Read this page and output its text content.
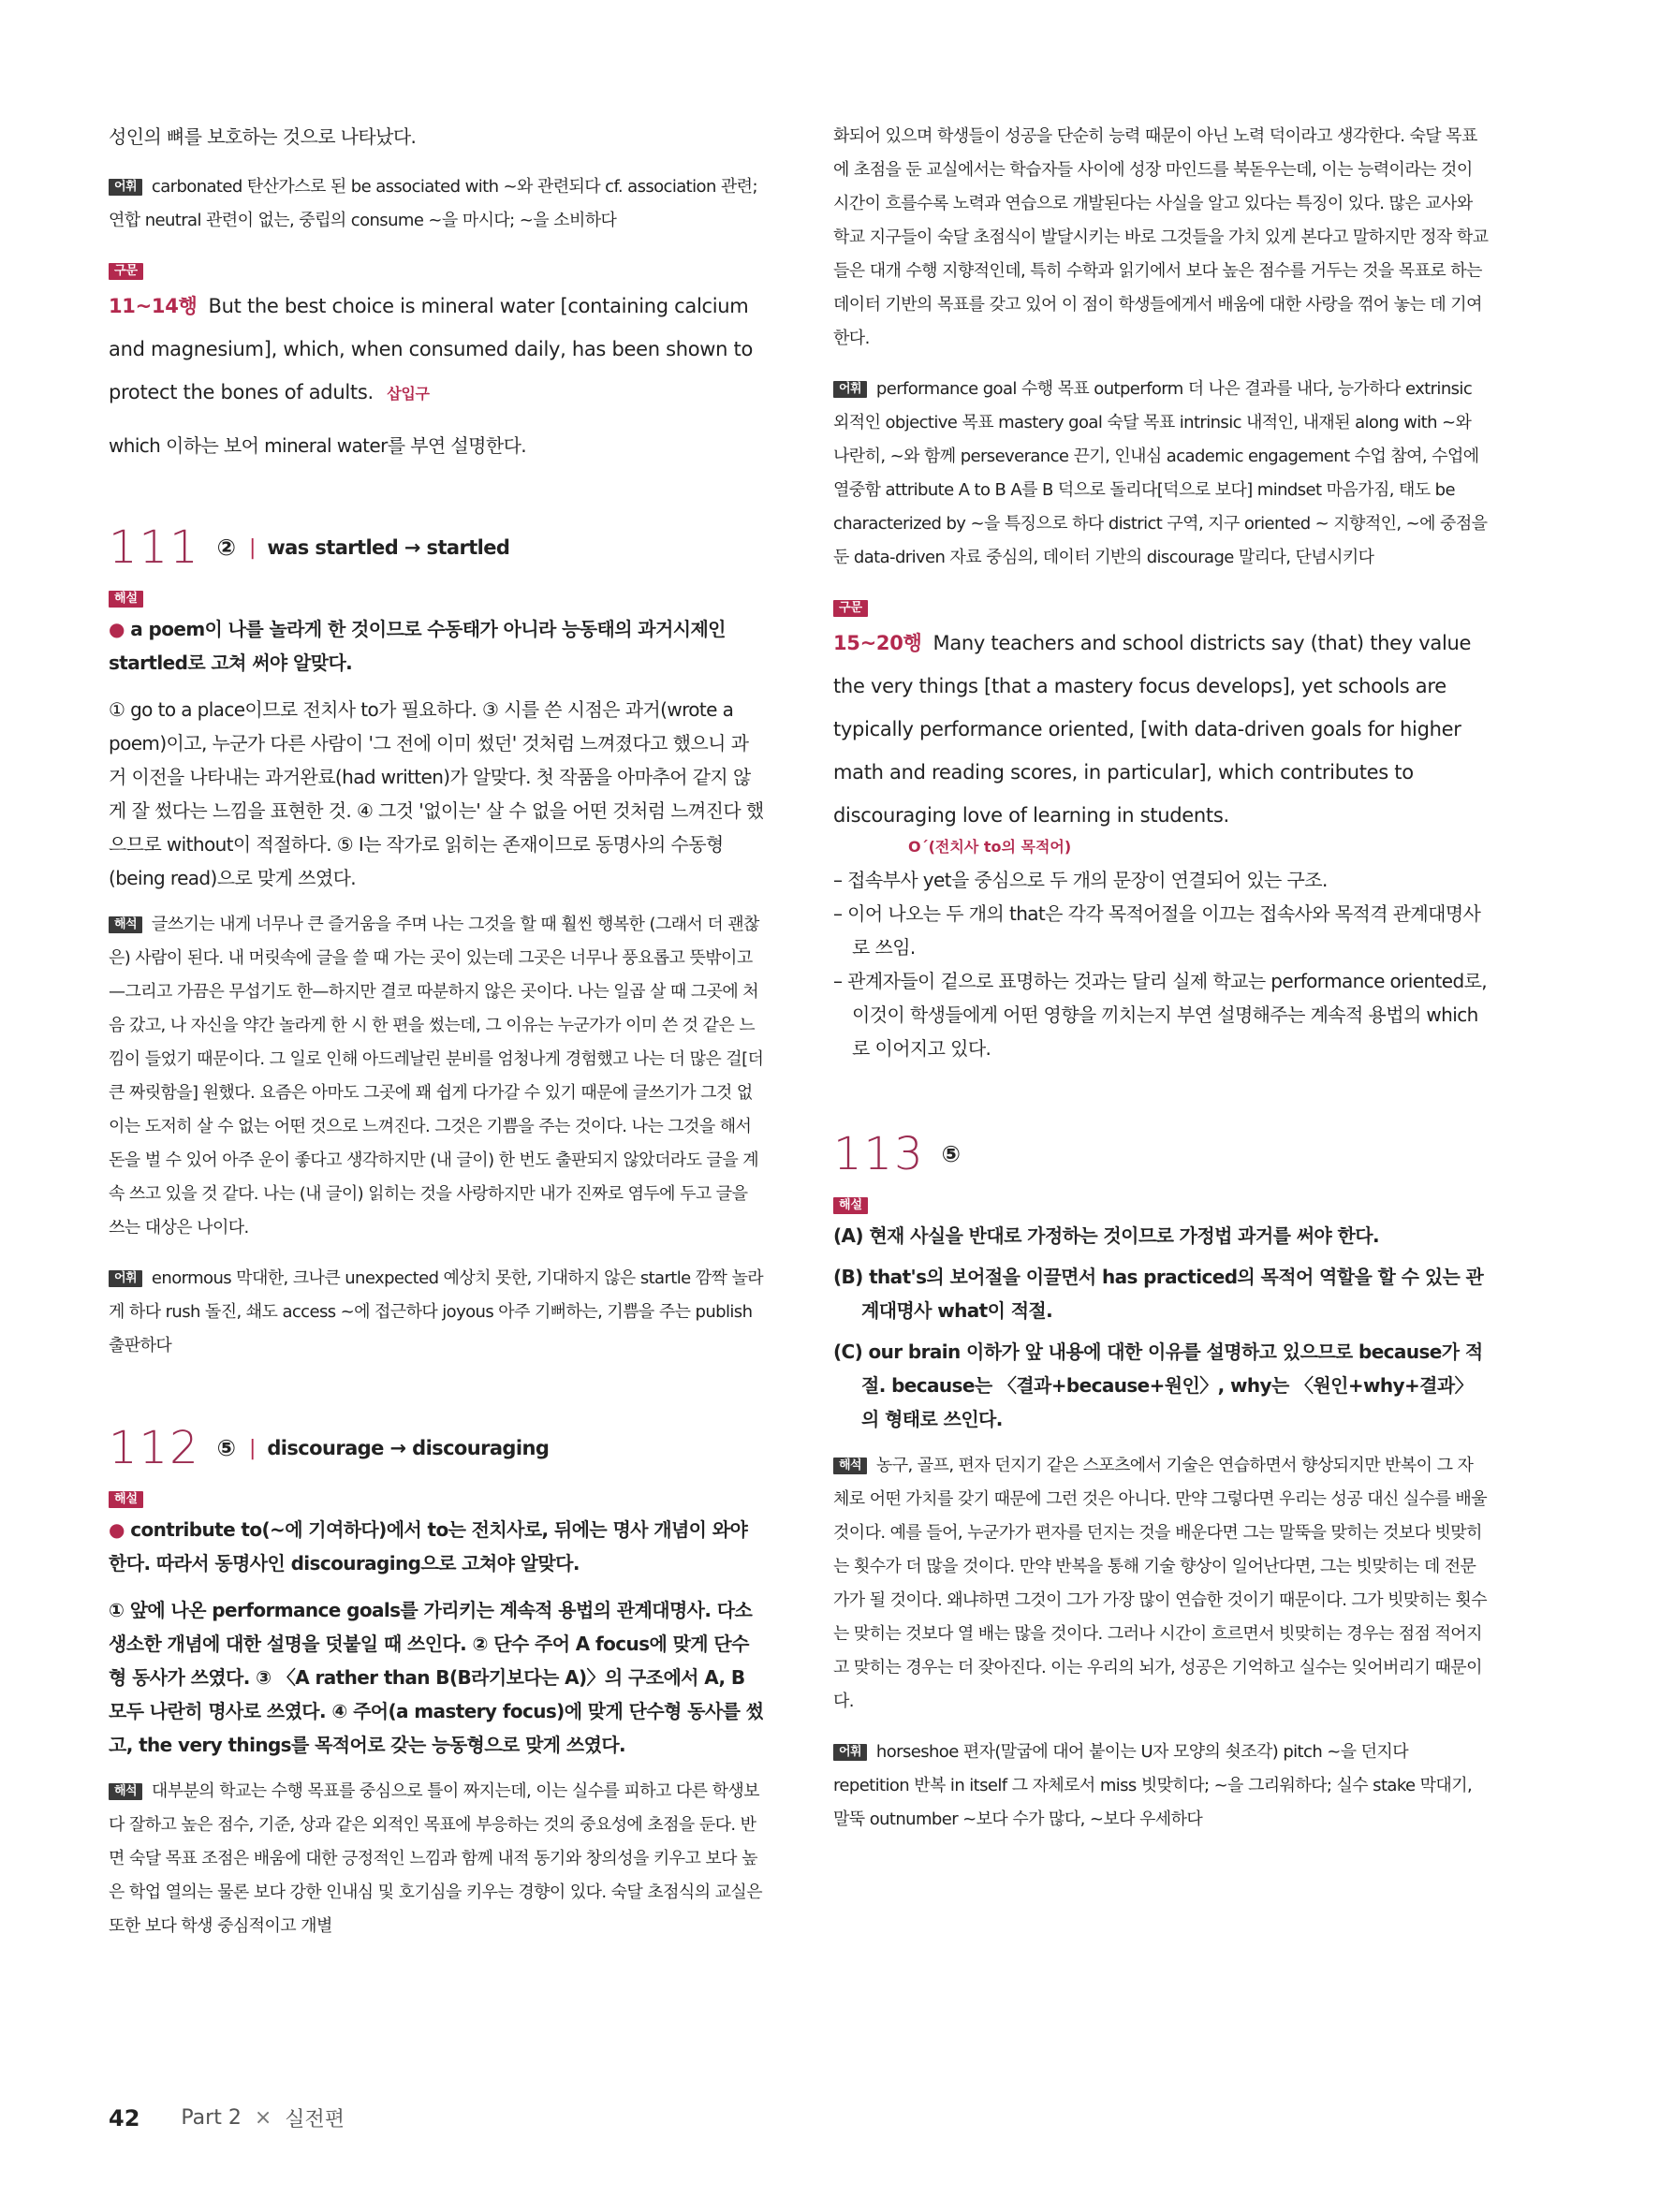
성인의 뼈를 보호하는 것으로 나타났다.

어휘 carbonated 탄산가스로 된 be associated with ~와 관련되다 cf. association 관련; 연합 neutral 관련이 없는, 중립의 consume ~을 마시다; ~을 소비하다

구문

11~14행 But the best choice is mineral water [containing calcium and magnesium], which, when consumed daily, has been shown to protect the bones of adults. 삽입구

which 이하는 보어 mineral water를 부연 설명한다.

111 ② | was startled → startled
해설

● a poem이 나를 놀라게 한 것이므로 수동태가 아니라 능동태의 과거시제인 startled로 고쳐 써야 알맞다.

① go to a place이므로 전치사 to가 필요하다. ③ 시를 쓴 시점은 과거(wrote a poem)이고, 누군가 다른 사람이 '그 전에 이미 썼던' 것처럼 느껴졌다고 했으니 과거 이전을 나타내는 과거완료(had written)가 알맞다. 첫 작품을 아마추어 같지 않게 잘 썼다는 느낌을 표현한 것. ④ 그것 '없이는' 살 수 없을 어떤 것처럼 느껴진다 했으므로 without이 적절하다. ⑤ I는 작가로 읽히는 존재이므로 동명사의 수동형(being read)으로 맞게 쓰였다.

해석 글쓰기는 내게 너무나 큰 즐거움을 주며 나는 그것을 할 때 훨씬 행복한 (그래서 더 괜찮은) 사람이 된다. 내 머릿속에 글을 쓸 때 가는 곳이 있는데 그곳은 너무나 풍요롭고 뜻밖이고—그리고 가끔은 무섭기도 한—하지만 결코 따분하지 않은 곳이다. 나는 일곱 살 때 그곳에 처음 갔고, 나 자신을 약간 놀라게 한 시 한 편을 썼는데, 그 이유는 누군가가 이미 쓴 것 같은 느낌이 들었기 때문이다. 그 일로 인해 아드레날린 분비를 엄청나게 경험했고 나는 더 많은 걸[더 큰 짜릿함을] 원했다. 요즘은 아마도 그곳에 꽤 쉽게 다가갈 수 있기 때문에 글쓰기가 그것 없이는 도저히 살 수 없는 어떤 것으로 느껴진다. 그것은 기쁨을 주는 것이다. 나는 그것을 해서 돈을 벌 수 있어 아주 운이 좋다고 생각하지만 (내 글이) 한 번도 출판되지 않았더라도 글을 계속 쓰고 있을 것 같다. 나는 (내 글이) 읽히는 것을 사랑하지만 내가 진짜로 염두에 두고 글을 쓰는 대상은 나이다.

어휘 enormous 막대한, 크나큰 unexpected 예상치 못한, 기대하지 않은 startle 깜짝 놀라게 하다 rush 돌진, 쇄도 access ~에 접근하다 joyous 아주 기뻐하는, 기쁨을 주는 publish 출판하다

112 ⑤ | discourage → discouraging
해설

● contribute to(~에 기여하다)에서 to는 전치사로, 뒤에는 명사 개념이 와야 한다. 따라서 동명사인 discouraging으로 고쳐야 알맞다.

① 앞에 나온 performance goals를 가리키는 계속적 용법의 관계대명사. 다소 생소한 개념에 대한 설명을 덧붙일 때 쓰인다. ② 단수 주어 A focus에 맞게 단수형 동사가 쓰였다. ③ 〈A rather than B(B라기보다는 A)〉의 구조에서 A, B 모두 나란히 명사로 쓰였다. ④ 주어(a mastery focus)에 맞게 단수형 동사를 썼고, the very things를 목적어로 갖는 능동형으로 맞게 쓰였다.

해석 대부분의 학교는 수행 목표를 중심으로 틀이 짜지는데, 이는 실수를 피하고 다른 학생보다 잘하고 높은 점수, 기준, 상과 같은 외적인 목표에 부응하는 것의 중요성에 초점을 둔다. 반면 숙달 목표 조점은 배움에 대한 긍정적인 느낌과 함께 내적 동기와 창의성을 키우고 보다 높은 학업 열의는 물론 보다 강한 인내심 및 호기심을 키우는 경향이 있다. 숙달 초점식의 교실은 또한 보다 학생 중심적이고 개별

화되어 있으며 학생들이 성공을 단순히 능력 때문이 아닌 노력 덕이라고 생각한다. 숙달 목표에 초점을 둔 교실에서는 학습자들 사이에 성장 마인드를 북돋우는데, 이는 능력이라는 것이 시간이 흐를수록 노력과 연습으로 개발된다는 사실을 알고 있다는 특징이 있다. 많은 교사와 학교 지구들이 숙달 초점식이 발달시키는 바로 그것들을 가치 있게 본다고 말하지만 정작 학교들은 대개 수행 지향적인데, 특히 수학과 읽기에서 보다 높은 점수를 거두는 것을 목표로 하는 데이터 기반의 목표를 갖고 있어 이 점이 학생들에게서 배움에 대한 사랑을 꺾어 놓는 데 기여한다.

어휘 performance goal 수행 목표 outperform 더 나은 결과를 내다, 능가하다 extrinsic 외적인 objective 목표 mastery goal 숙달 목표 intrinsic 내적인, 내재된 along with ~와 나란히, ~와 함께 perseverance 끈기, 인내심 academic engagement 수업 참여, 수업에 열중함 attribute A to B A를 B 덕으로 돌리다[덕으로 보다] mindset 마음가짐, 태도 be characterized by ~을 특징으로 하다 district 구역, 지구 oriented ~ 지향적인, ~에 중점을 둔 data-driven 자료 중심의, 데이터 기반의 discourage 말리다, 단념시키다

구문

15~20행 Many teachers and school districts say (that) they value the very things [that a mastery focus develops], yet schools are typically performance oriented, [with data-driven goals for higher math and reading scores, in particular], which contributes to discouraging love of learning in students.

O´(전치사 to의 목적어)

– 접속부사 yet을 중심으로 두 개의 문장이 연결되어 있는 구조.

– 이어 나오는 두 개의 that은 각각 목적어절을 이끄는 접속사와 목적격 관계대명사로 쓰임.

– 관계자들이 겉으로 표명하는 것과는 달리 실제 학교는 performance oriented로, 이것이 학생들에게 어떤 영향을 끼치는지 부연 설명해주는 계속적 용법의 which로 이어지고 있다.

113 ⑤
해설

(A) 현재 사실을 반대로 가정하는 것이므로 가정법 과거를 써야 한다.

(B) that's의 보어절을 이끌면서 has practiced의 목적어 역할을 할 수 있는 관계대명사 what이 적절.

(C) our brain 이하가 앞 내용에 대한 이유를 설명하고 있으므로 because가 적절. because는 〈결과+because+원인〉, why는 〈원인+why+결과〉의 형태로 쓰인다.

해석 농구, 골프, 편자 던지기 같은 스포츠에서 기술은 연습하면서 향상되지만 반복이 그 자체로 어떤 가치를 갖기 때문에 그런 것은 아니다. 만약 그렇다면 우리는 성공 대신 실수를 배울 것이다. 예를 들어, 누군가가 편자를 던지는 것을 배운다면 그는 말뚝을 맞히는 것보다 빗맞히는 횟수가 더 많을 것이다. 만약 반복을 통해 기술 향상이 일어난다면, 그는 빗맞히는 데 전문가가 될 것이다. 왜냐하면 그것이 그가 가장 많이 연습한 것이기 때문이다. 그가 빗맞히는 횟수는 맞히는 것보다 열 배는 많을 것이다. 그러나 시간이 흐르면서 빗맞히는 경우는 점점 적어지고 맞히는 경우는 더 잦아진다. 이는 우리의 뇌가, 성공은 기억하고 실수는 잊어버리기 때문이다.

어휘 horseshoe 편자(말굽에 대어 붙이는 U자 모양의 쇳조각) pitch ~을 던지다 repetition 반복 in itself 그 자체로서 miss 빗맞히다; ~을 그리워하다; 실수 stake 막대기, 말뚝 outnumber ~보다 수가 많다, ~보다 우세하다

42 Part 2 × 실전편
